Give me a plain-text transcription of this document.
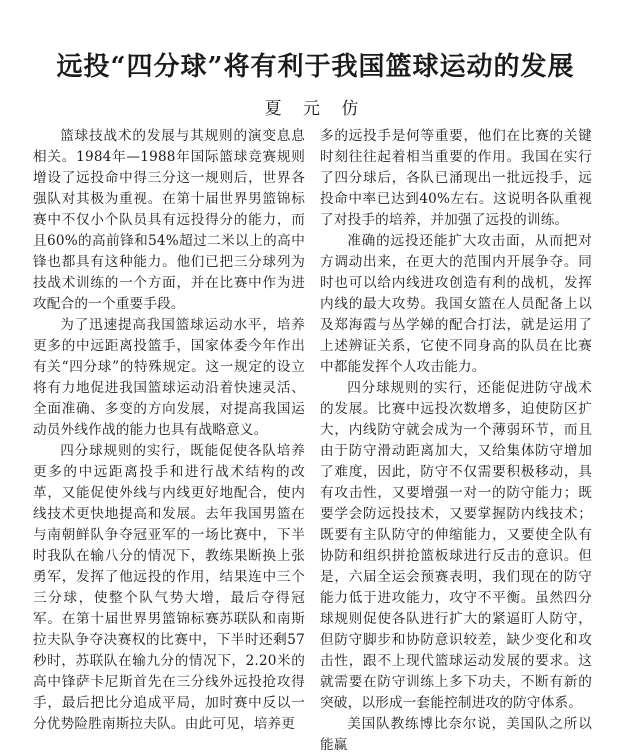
远投“四分球”将有利于我国篮球运动的发展
夏 元 仿

篮球技战术的发展与其规则的演变息息相关。1984年—1988年国际篮球竞赛规则增设了远投命中得三分这一规则后，世界各强队对其极为重视。在第十届世界男篮锦标赛中不仅小个队员具有远投得分的能力，而且60%的高前锋和54%超过二米以上的高中锋也都具有这种能力。他们已把三分球列为技战术训练的一个方面，并在比赛中作为进攻配合的一个重要手段。

为了迅速提高我国篮球运动水平，培养更多的中远距离投篮手，国家体委今年作出有关“四分球”的特殊规定。这一规定的设立将有力地促进我国篮球运动沿着快速灵活、全面准确、多变的方向发展，对提高我国运动员外线作战的能力也具有战略意义。

四分球规则的实行，既能促使各队培养更多的中远距离投手和进行战术结构的改革，又能促使外线与内线更好地配合，使内线技术更快地提高和发展。去年我国男篮在与南朝鲜队争夺冠亚军的一场比赛中，下半时我队在输八分的情况下，教练果断换上张勇军，发挥了他远投的作用，结果连中三个三分球，使整个队气势大增，最后夺得冠军。在第十届世界男篮锦标赛苏联队和南斯拉夫队争夺决赛权的比赛中，下半时还剩57秒时，苏联队在输九分的情况下，2.20米的高中锋萨卡尼斯首先在三分线外远投抢攻得手，最后把比分追成平局，加时赛中反以一分优势险胜南斯拉夫队。由此可见，培养更

多的远投手是何等重要，他们在比赛的关键时刻往往起着相当重要的作用。我国在实行了四分球后，各队已涌现出一批远投手，远投命中率已达到40%左右。这说明各队重视了对投手的培养，并加强了远投的训练。

准确的远投还能扩大攻击面，从而把对方调动出来，在更大的范围内开展争夺。同时也可以给内线进攻创造有利的战机，发挥内线的最大攻势。我国女篮在人员配备上以及郑海霞与丛学娣的配合打法，就是运用了上述辨证关系，它使不同身高的队员在比赛中都能发挥个人攻击能力。

四分球规则的实行，还能促进防守战术的发展。比赛中远投次数增多，迫使防区扩大，内线防守就会成为一个薄弱环节，而且由于防守滑动距离加大，又给集体防守增加了难度，因此，防守不仅需要积极移动，具有攻击性，又要增强一对一的防守能力；既要学会防远投技术，又要掌握防内线技术；既要有主队防守的伸缩能力，又要使全队有协防和组织拼抢篮板球进行反击的意识。但是，六届全运会预赛表明，我们现在的防守能力低于进攻能力，攻守不平衡。虽然四分球规则促使各队进行扩大的紧逼盯人防守，但防守脚步和协防意识较差，缺少变化和攻击性，跟不上现代篮球运动发展的要求。这就需要在防守训练上多下功夫，不断有新的突破，以形成一套能控制进攻的防守体系。

美国队教练博比奈尔说，美国队之所以能赢
